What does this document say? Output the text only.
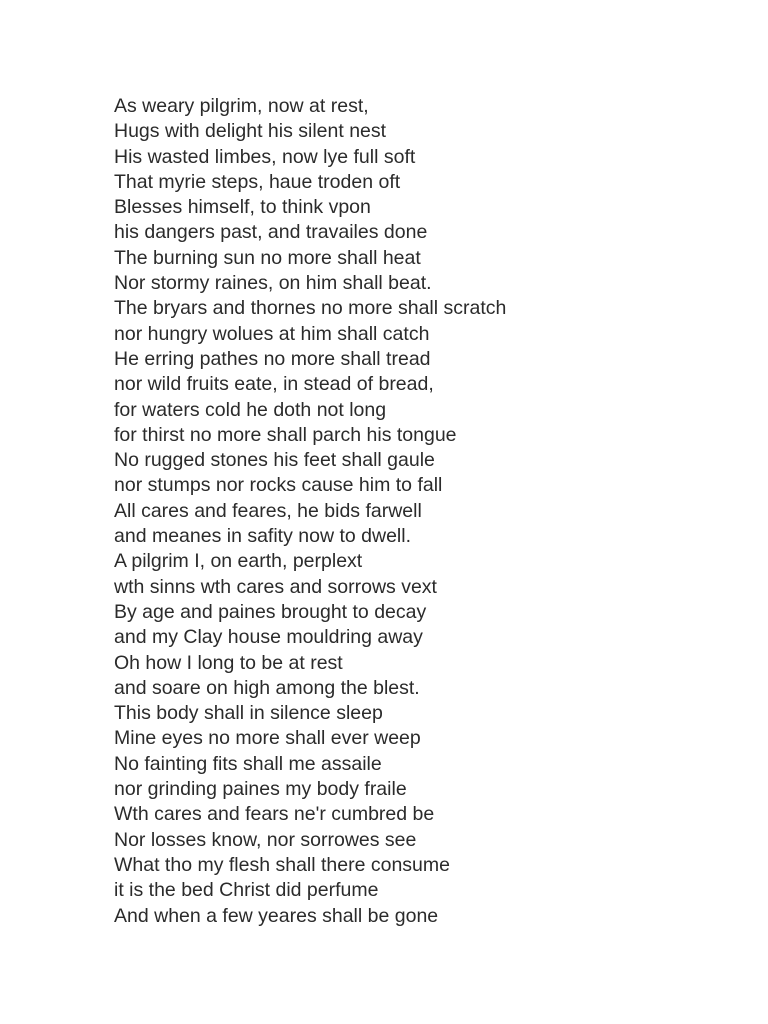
As weary pilgrim, now at rest,
Hugs with delight his silent nest
His wasted limbes, now lye full soft
That myrie steps, haue troden oft
Blesses himself, to think vpon
his dangers past, and travailes done
The burning sun no more shall heat
Nor stormy raines, on him shall beat.
The bryars and thornes no more shall scratch
nor hungry wolues at him shall catch
He erring pathes no more shall tread
nor wild fruits eate, in stead of bread,
for waters cold he doth not long
for thirst no more shall parch his tongue
No rugged stones his feet shall gaule
nor stumps nor rocks cause him to fall
All cares and feares, he bids farwell
and meanes in safity now to dwell.
A pilgrim I, on earth, perplext
wth sinns wth cares and sorrows vext
By age and paines brought to decay
and my Clay house mouldring away
Oh how I long to be at rest
and soare on high among the blest.
This body shall in silence sleep
Mine eyes no more shall ever weep
No fainting fits shall me assaile
nor grinding paines my body fraile
Wth cares and fears ne'r cumbred be
Nor losses know, nor sorrowes see
What tho my flesh shall there consume
it is the bed Christ did perfume
And when a few yeares shall be gone
